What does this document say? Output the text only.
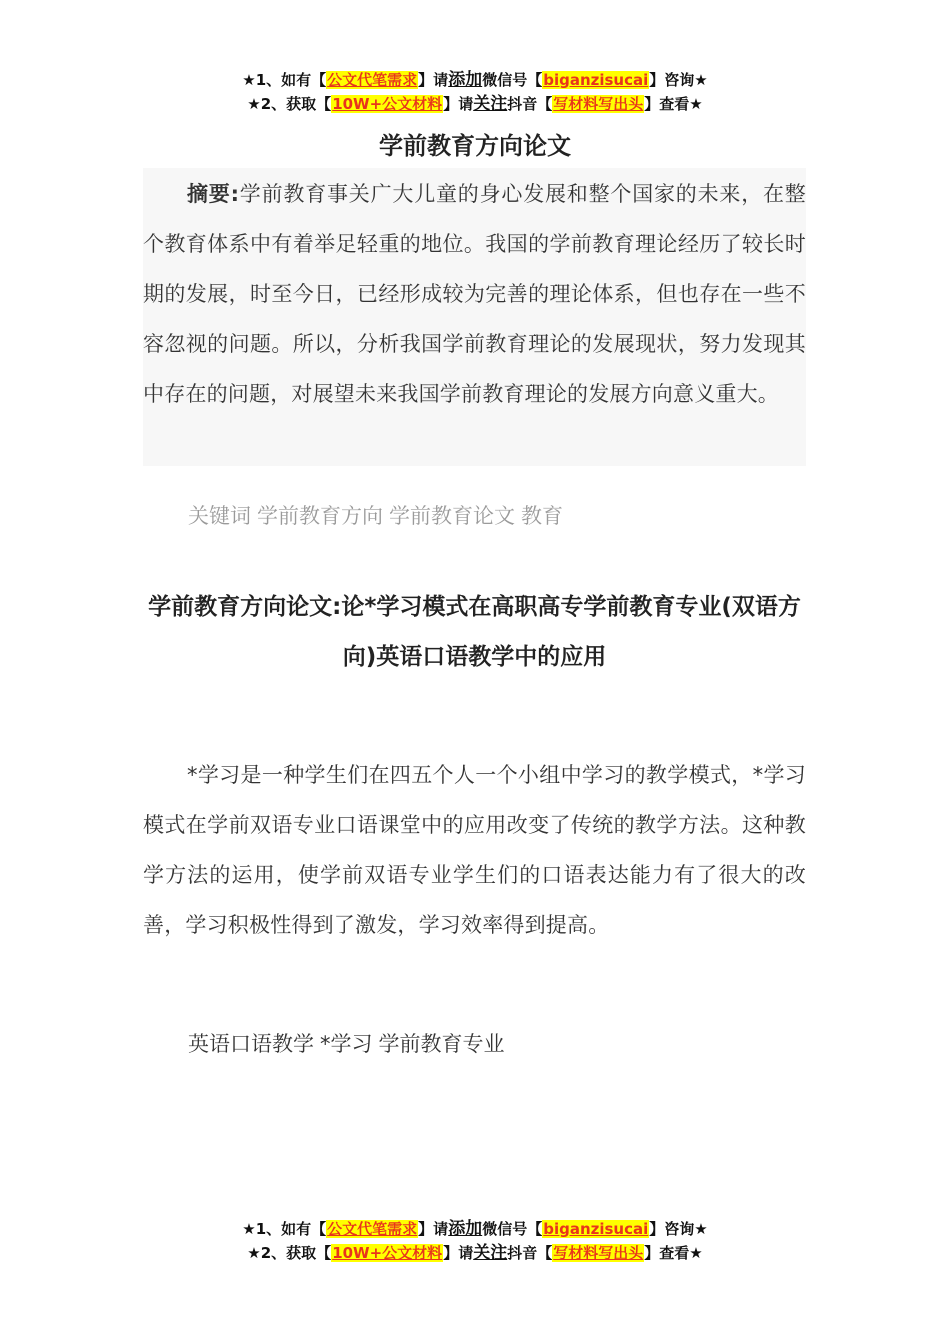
★1、如有【公文代笔需求】请添加微信号【biganzisucai】咨询★
★2、获取【10W+公文材料】请关注抖音【写材料写出头】查看★
学前教育方向论文

摘要:学前教育事关广大儿童的身心发展和整个国家的未来，在整个教育体系中有着举足轻重的地位。我国的学前教育理论经历了较长时期的发展，时至今日，已经形成较为完善的理论体系，但也存在一些不容忽视的问题。所以，分析我国学前教育理论的发展现状，努力发现其中存在的问题，对展望未来我国学前教育理论的发展方向意义重大。

关键词 学前教育方向 学前教育论文 教育
学前教育方向论文:论*学习模式在高职高专学前教育专业(双语方向)英语口语教学中的应用

*学习是一种学生们在四五个人一个小组中学习的教学模式，*学习模式在学前双语专业口语课堂中的应用改变了传统的教学方法。这种教学方法的运用，使学前双语专业学生们的口语表达能力有了很大的改善，学习积极性得到了激发，学习效率得到提高。

英语口语教学 *学习 学前教育专业
★1、如有【公文代笔需求】请添加微信号【biganzisucai】咨询★
★2、获取【10W+公文材料】请关注抖音【写材料写出头】查看★
